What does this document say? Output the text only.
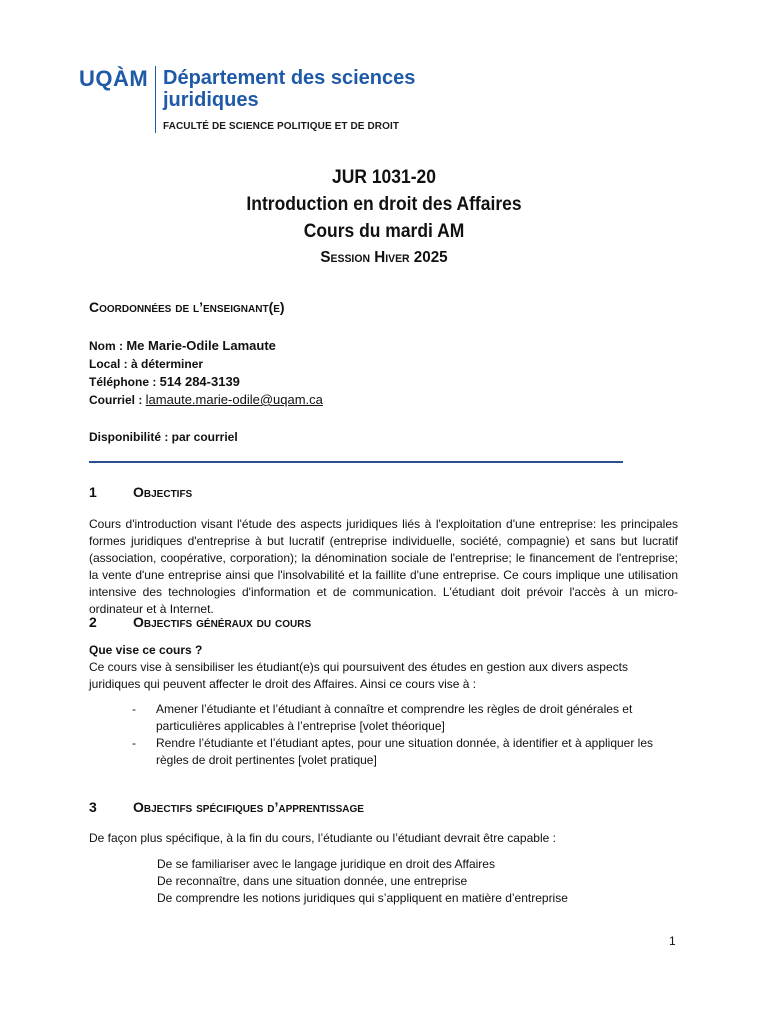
UQÀM Département des sciences juridiques
FACULTÉ DE SCIENCE POLITIQUE ET DE DROIT
JUR 1031-20
Introduction en droit des Affaires
Cours du mardi AM
Session Hiver 2025
Coordonnées de l’enseignant(e)
Nom : Me Marie-Odile Lamaute
Local : à déterminer
Téléphone : 514 284-3139
Courriel : lamaute.marie-odile@uqam.ca
Disponibilité : par courriel
1	Objectifs
Cours d'introduction visant l'étude des aspects juridiques liés à l'exploitation d'une entreprise: les principales formes juridiques d'entreprise à but lucratif (entreprise individuelle, société, compagnie) et sans but lucratif (association, coopérative, corporation); la dénomination sociale de l'entreprise; le financement de l'entreprise; la vente d'une entreprise ainsi que l'insolvabilité et la faillite d'une entreprise. Ce cours implique une utilisation intensive des technologies d'information et de communication. L'étudiant doit prévoir l'accès à un micro-ordinateur et à Internet.
2	Objectifs généraux du cours
Que vise ce cours ?
Ce cours vise à sensibiliser les étudiant(e)s qui poursuivent des études en gestion aux divers aspects juridiques qui peuvent affecter le droit des Affaires. Ainsi ce cours vise à :
-	Amener l’étudiante et l’étudiant à connaître et comprendre les règles de droit générales et particulières applicables à l’entreprise [volet théorique]
-	Rendre l’étudiante et l’étudiant aptes, pour une situation donnée, à identifier et à appliquer les règles de droit pertinentes [volet pratique]
3	Objectifs spécifiques d’apprentissage
De façon plus spécifique, à la fin du cours, l’étudiante ou l’étudiant devrait être capable :
De se familiariser avec le langage juridique en droit des Affaires
De reconnaître, dans une situation donnée, une entreprise
De comprendre les notions juridiques qui s’appliquent en matière d’entreprise
1
